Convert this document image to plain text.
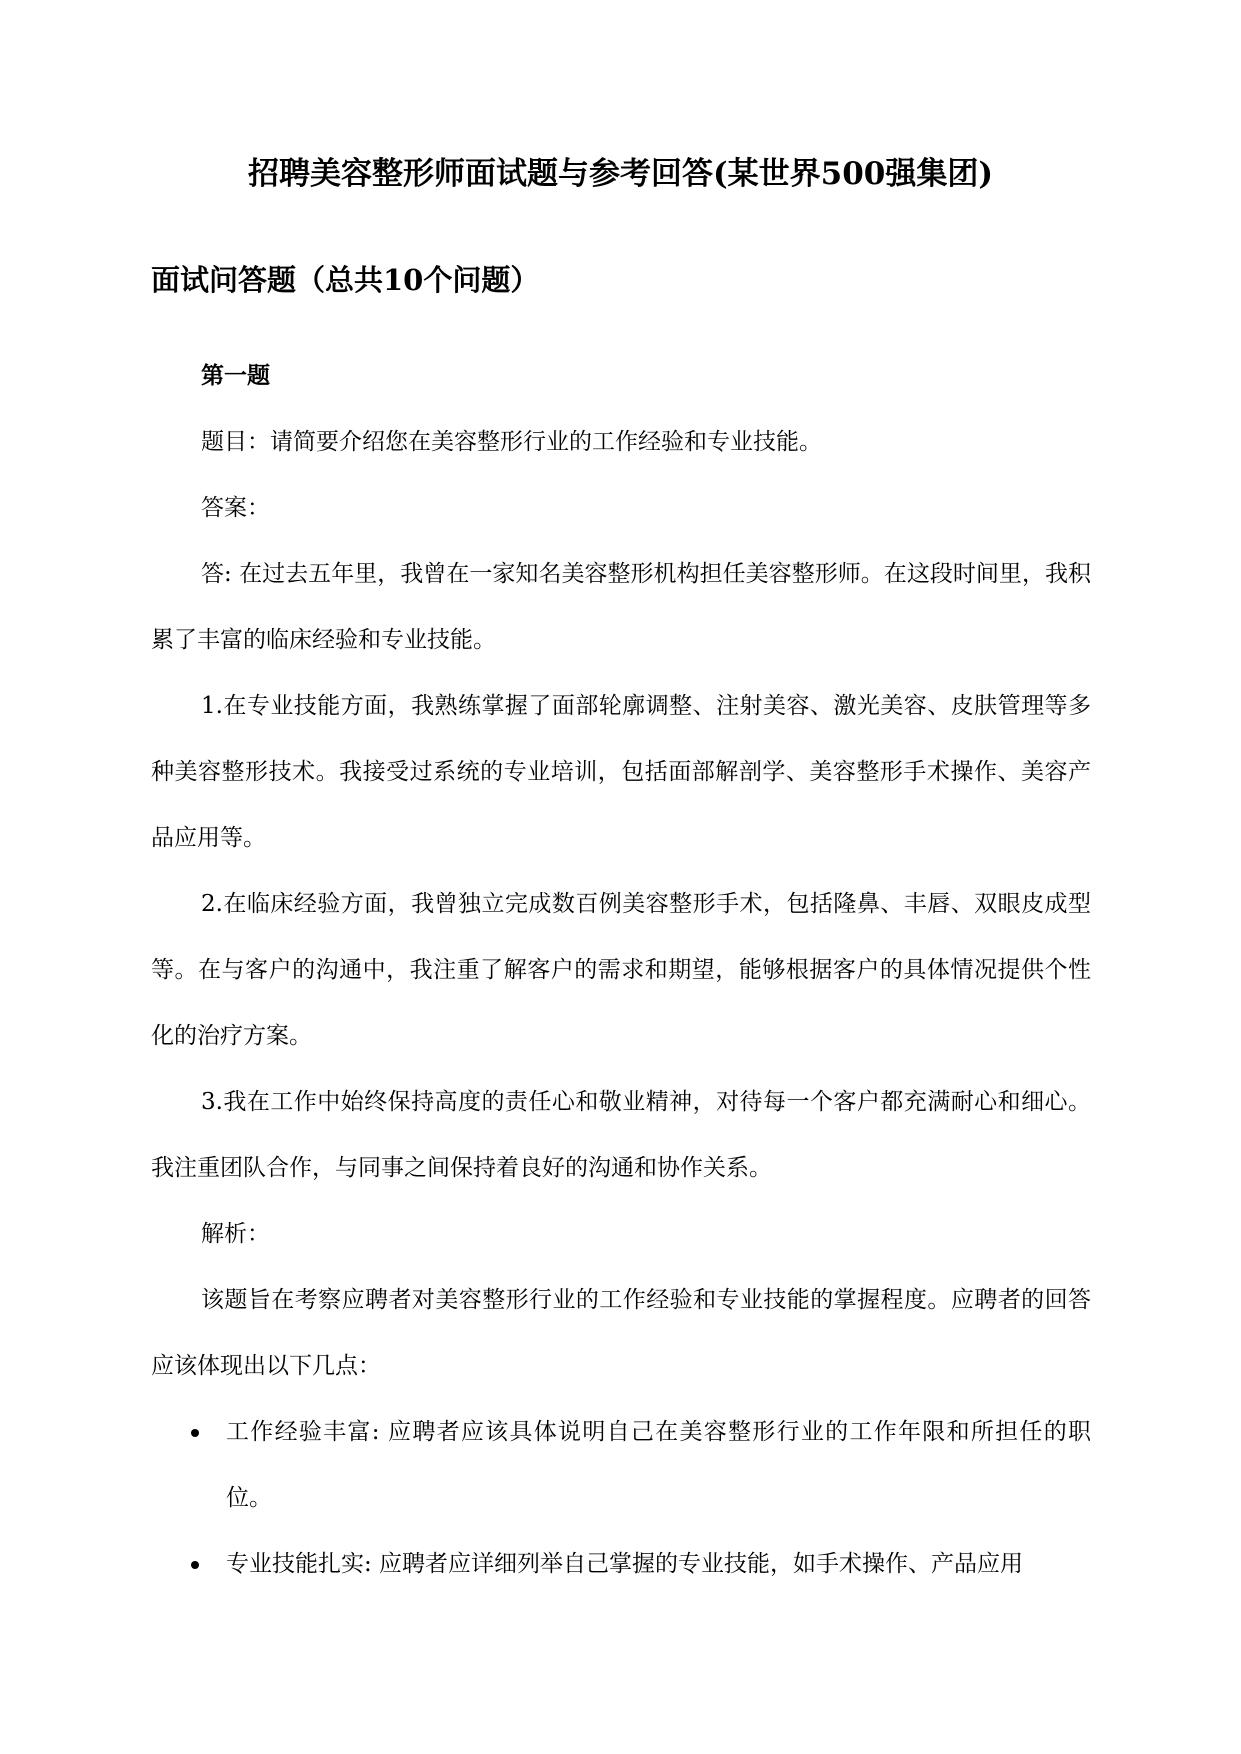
招聘美容整形师面试题与参考回答(某世界500强集团)
面试问答题（总共10个问题）

第一题

题目：请简要介绍您在美容整形行业的工作经验和专业技能。

答案：

答: 在过去五年里，我曾在一家知名美容整形机构担任美容整形师。在这段时间里，我积累了丰富的临床经验和专业技能。

1.在专业技能方面，我熟练掌握了面部轮廓调整、注射美容、激光美容、皮肤管理等多种美容整形技术。我接受过系统的专业培训，包括面部解剖学、美容整形手术操作、美容产品应用等。

2.在临床经验方面，我曾独立完成数百例美容整形手术，包括隆鼻、丰唇、双眼皮成型等。在与客户的沟通中，我注重了解客户的需求和期望，能够根据客户的具体情况提供个性化的治疗方案。

3.我在工作中始终保持高度的责任心和敬业精神，对待每一个客户都充满耐心和细心。我注重团队合作，与同事之间保持着良好的沟通和协作关系。

解析：

该题旨在考察应聘者对美容整形行业的工作经验和专业技能的掌握程度。应聘者的回答应该体现出以下几点：

工作经验丰富: 应聘者应该具体说明自己在美容整形行业的工作年限和所担任的职位。
专业技能扎实: 应聘者应详细列举自己掌握的专业技能，如手术操作、产品应用
